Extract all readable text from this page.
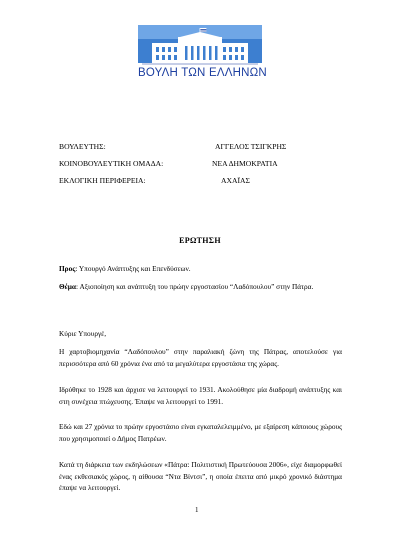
ΒΟΥΛΗ ΤΩΝ ΕΛΛΗΝΩΝ
ΒΟΥΛΕΥΤΗΣ:	ΑΓΓΕΛΟΣ ΤΣΙΓΚΡΗΣ
ΚΟΙΝΟΒΟΥΛΕΥΤΙΚΗ ΟΜΑΔΑ:	ΝΕΑ ΔΗΜΟΚΡΑΤΙΑ
ΕΚΛΟΓΙΚΗ ΠΕΡΙΦΕΡΕΙΑ:	ΑΧΑΪΑΣ
ΕΡΩΤΗΣΗ
Προς: Υπουργό Ανάπτυξης και Επενδύσεων.
Θέμα: Αξιοποίηση και ανάπτυξη του πρώην εργοστασίου “Λαδόπουλου” στην Πάτρα.
Κύριε Υπουργέ,
Η χαρτοβιομηχανία “Λαδόπουλου” στην παραλιακή ζώνη της Πάτρας, αποτελούσε για περισσότερα από 60 χρόνια ένα από τα μεγαλύτερα εργοστάσια της χώρας.
Ιδρύθηκε το 1928 και άρχισε να λειτουργεί το 1931. Ακολούθησε μία διαδρομή ανάπτυξης και στη συνέχεια πτώχευσης. Έπαψε να λειτουργεί το 1991.
Εδώ και 27 χρόνια το πρώην εργοστάσιο είναι εγκαταλελειμμένο, με εξαίρεση κάποιους χώρους που χρησιμοποιεί ο Δήμος Πατρέων.
Κατά τη διάρκεια των εκδηλώσεων «Πάτρα: Πολιτιστική Πρωτεύουσα 2006», είχε διαμορφωθεί ένας εκθεσιακός χώρος, η αίθουσα “Ντα Βίντσι”, η οποία έπειτα από μικρό χρονικό διάστημα έπαψε να λειτουργεί.
1
